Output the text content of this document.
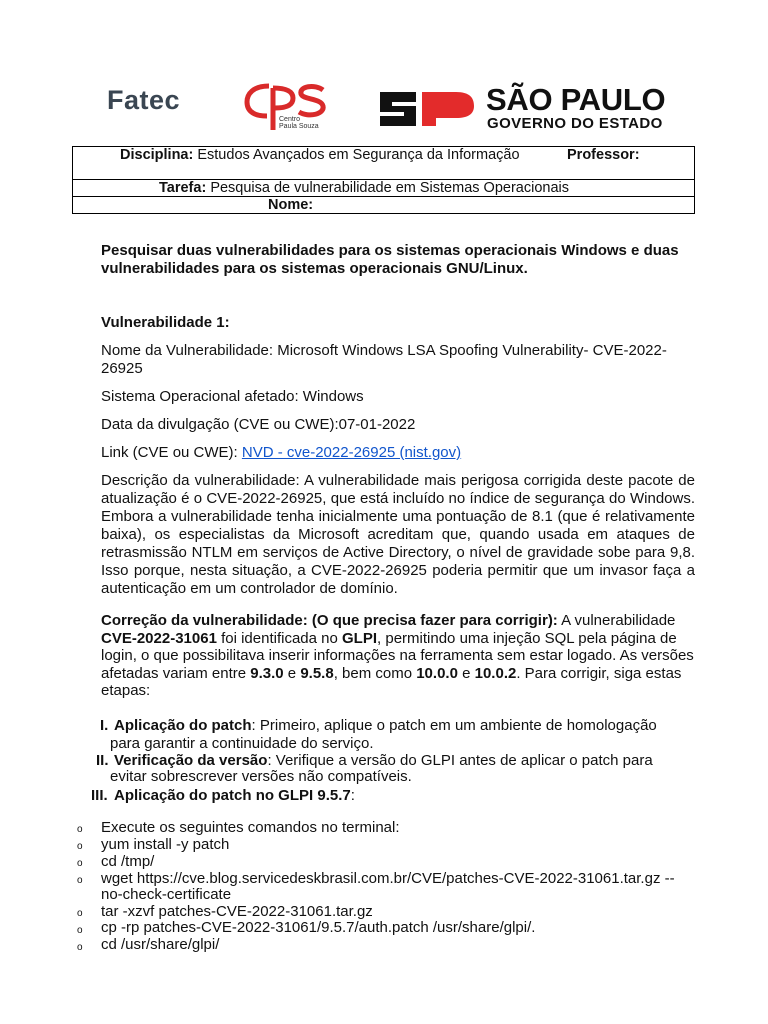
Fatec
Centro
Paula Souza
SÃO PAULO
GOVERNO DO ESTADO
Disciplina: Estudos Avançados em Segurança da Informação	Professor:

Tarefa: Pesquisa de vulnerabilidade em Sistemas Operacionais
Nome:

Pesquisar duas vulnerabilidades para os sistemas operacionais Windows e duas vulnerabilidades para os sistemas operacionais GNU/Linux.

Vulnerabilidade 1:

Nome da Vulnerabilidade: Microsoft Windows LSA Spoofing Vulnerability- CVE-2022-26925

Sistema Operacional afetado: Windows

Data da divulgação (CVE ou CWE):07-01-2022

Link (CVE ou CWE): NVD - cve-2022-26925 (nist.gov)

Descrição da vulnerabilidade: A vulnerabilidade mais perigosa corrigida deste pacote de atualização é o CVE-2022-26925, que está incluído no índice de segurança do Windows. Embora a vulnerabilidade tenha inicialmente uma pontuação de 8.1 (que é relativamente baixa), os especialistas da Microsoft acreditam que, quando usada em ataques de retrasmissão NTLM em serviços de Active Directory, o nível de gravidade sobe para 9,8. Isso porque, nesta situação, a CVE-2022-26925 poderia permitir que um invasor faça a autenticação em um controlador de domínio.

Correção da vulnerabilidade: (O que precisa fazer para corrigir): A vulnerabilidade CVE-2022-31061 foi identificada no GLPI, permitindo uma injeção SQL pela página de login, o que possibilitava inserir informações na ferramenta sem estar logado. As versões afetadas variam entre 9.3.0 e 9.5.8, bem como 10.0.0 e 10.0.2. Para corrigir, siga estas etapas:

I. Aplicação do patch: Primeiro, aplique o patch em um ambiente de homologação
para garantir a continuidade do serviço.
II. Verificação da versão: Verifique a versão do GLPI antes de aplicar o patch para
evitar sobrescrever versões não compatíveis.
III. Aplicação do patch no GLPI 9.5.7:
o Execute os seguintes comandos no terminal:
o yum install -y patch
o cd /tmp/
o wget https://cve.blog.servicedeskbrasil.com.br/CVE/patches-CVE-2022-31061.tar.gz --
no-check-certificate
o tar -xzvf patches-CVE-2022-31061.tar.gz
o cp -rp patches-CVE-2022-31061/9.5.7/auth.patch /usr/share/glpi/.
o cd /usr/share/glpi/
